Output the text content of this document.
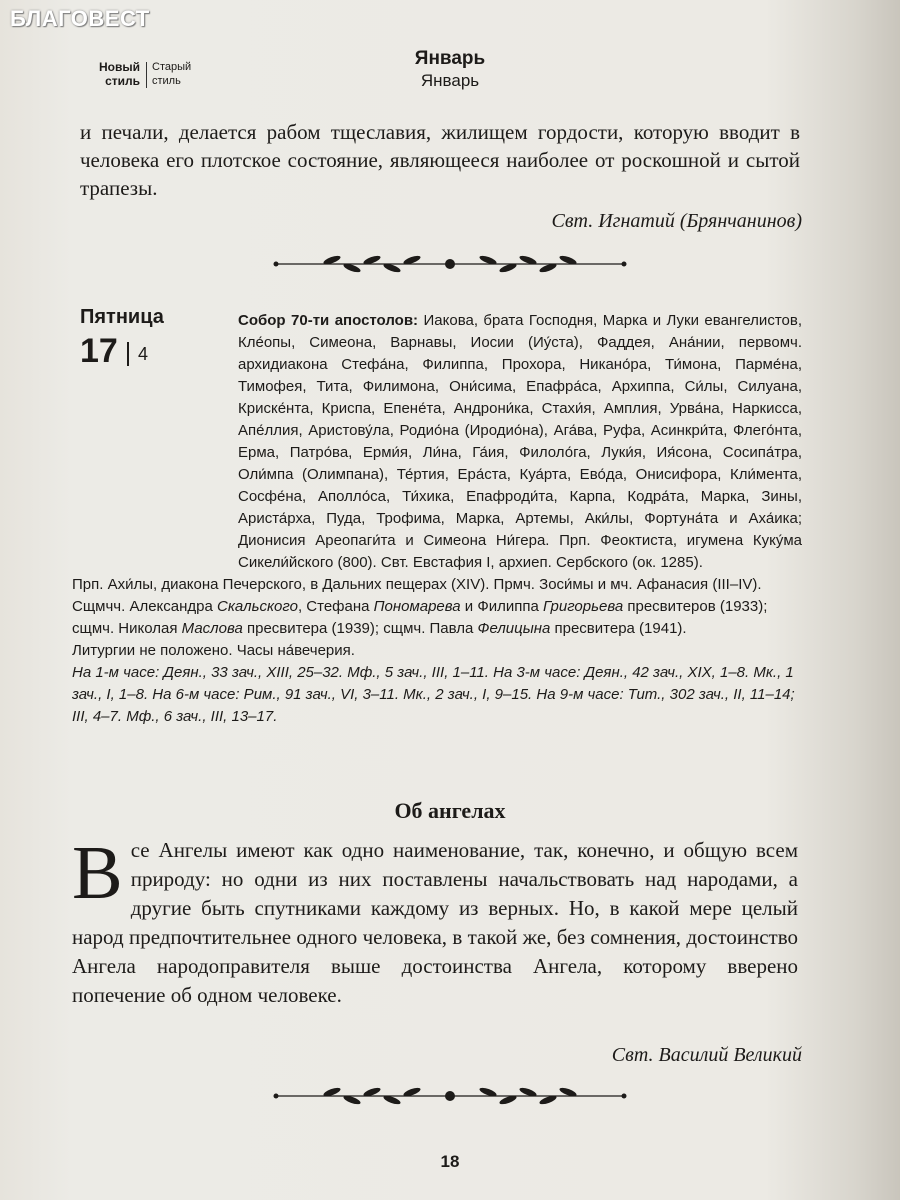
БЛАГОВЕСТ
Новый стиль
Старый стиль
Январь
Январь
и печали, делается рабом тщеславия, жилищем гордости, которую вводит в человека его плотское состояние, являющееся наиболее от роскошной и сытой трапезы.
Свт. Игнатий (Брянчанинов)
Пятница
17 4
Собор 70-ти апостолов: Иакова, брата Господня, Марка и Луки евангелистов, Кле́опы, Симеона, Варнавы, Иосии (Иу́ста), Фаддея, Ана́нии, первомч. архидиакона Стефа́на, Филиппа, Прохора, Никано́ра, Ти́мона, Парме́на, Тимофея, Тита, Филимона, Они́сима, Епафра́са, Архиппа, Си́лы, Силуана, Криске́нта, Криспа, Епене́та, Андрони́ка, Стахи́я, Амплия, Урва́на, Наркисса, Апе́ллия, Аристову́ла, Родио́на (Иродио́на), Ага́ва, Руфа, Асинкри́та, Флего́нта, Ерма, Патро́ва, Ерми́я, Ли́на, Га́ия, Филоло́га, Луки́я, Ия́сона, Сосипа́тра, Оли́мпа (Олимпана), Те́ртия, Ера́ста, Куа́рта, Ево́да, Онисифора, Кли́мента, Сосфе́на, Аполло́са, Ти́хика, Епафроди́та, Карпа, Кодра́та, Марка, Зины, Ариста́рха, Пуда, Трофима, Марка, Артемы, Аки́лы, Фортуна́та и Аха́ика; Дионисия Ареопаги́та и Симеона Ни́гера. Прп. Феоктиста, игумена Куку́ма Сикели́йского (800). Свт. Евстафия I, архиеп. Сербского (ок. 1285).

Прп. Ахи́лы, диакона Печерского, в Дальних пещерах (XIV). Прмч. Зоси́мы и мч. Афанасия (III–IV).

Сщмчч. Александра Скальского, Стефана Пономарева и Филиппа Григорьева пресвитеров (1933); сщмч. Николая Маслова пресвитера (1939); сщмч. Павла Фелицына пресвитера (1941).

Литургии не положено. Часы на́вечерия.

На 1-м часе: Деян., 33 зач., XIII, 25–32. Мф., 5 зач., III, 1–11. На 3-м часе: Деян., 42 зач., XIX, 1–8. Мк., 1 зач., I, 1–8. На 6-м часе: Рим., 91 зач., VI, 3–11. Мк., 2 зач., I, 9–15. На 9-м часе: Тит., 302 зач., II, 11–14; III, 4–7. Мф., 6 зач., III, 13–17.

Об ангелах
Все Ангелы имеют как одно наименование, так, конечно, и общую всем природу: но одни из них поставлены начальствовать над народами, а другие быть спутниками каждому из верных. Но, в какой мере целый народ предпочтительнее одного человека, в такой же, без сомнения, достоинство Ангела народоправителя выше достоинства Ангела, которому вверено попечение об одном человеке.
Свт. Василий Великий
18
